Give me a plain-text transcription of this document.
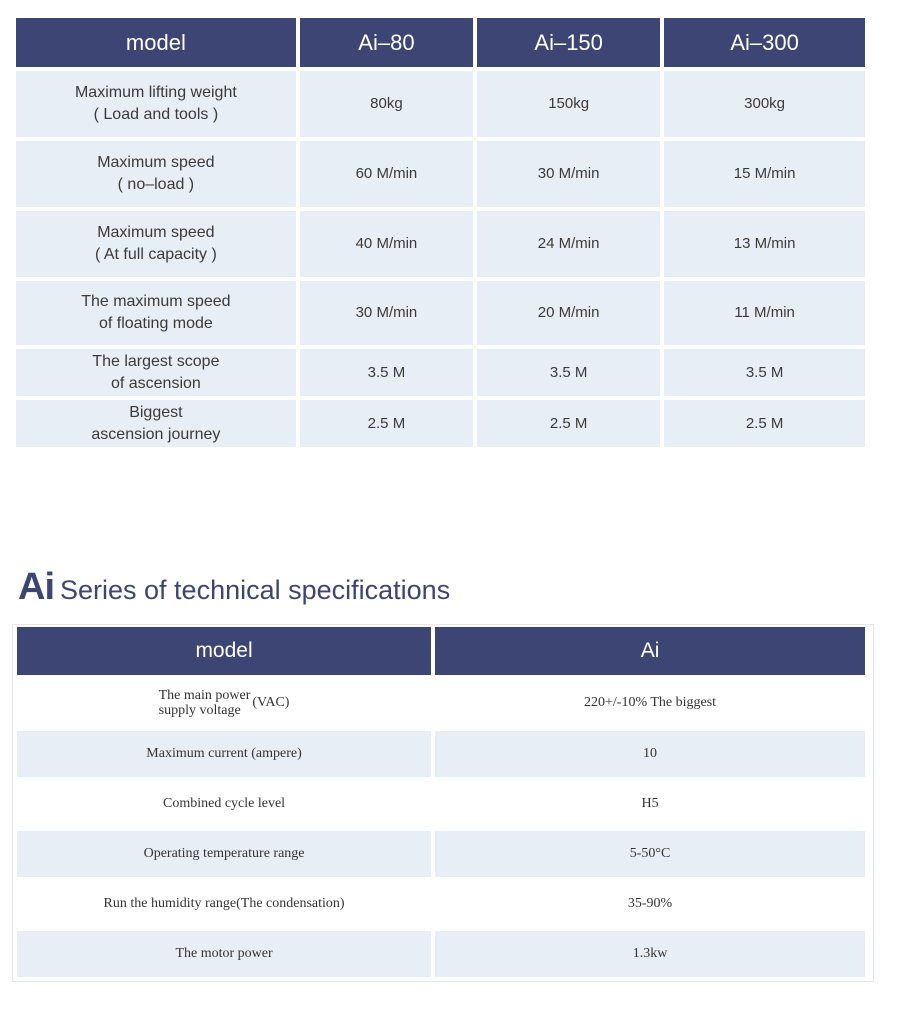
model	Ai–80	Ai–150	Ai–300
Maximum lifting weight
( Load and tools )	80kg	150kg	300kg
Maximum speed
( no–load )	60 M/min	30 M/min	15 M/min
Maximum speed
( At full capacity )	40 M/min	24 M/min	13 M/min
The maximum speed
of floating mode	30 M/min	20 M/min	11 M/min
The largest scope
of ascension	3.5 M	3.5 M	3.5 M
Biggest
ascension journey	2.5 M	2.5 M	2.5 M
Ai Series of technical specifications
model	Ai

The main power
supply voltage
(VAC)	220+/-10% The biggest
Maximum current (ampere)	10
Combined cycle level	H5
Operating temperature range	5-50°C
Run the humidity range(The condensation)	35-90%
The motor power	1.3kw
